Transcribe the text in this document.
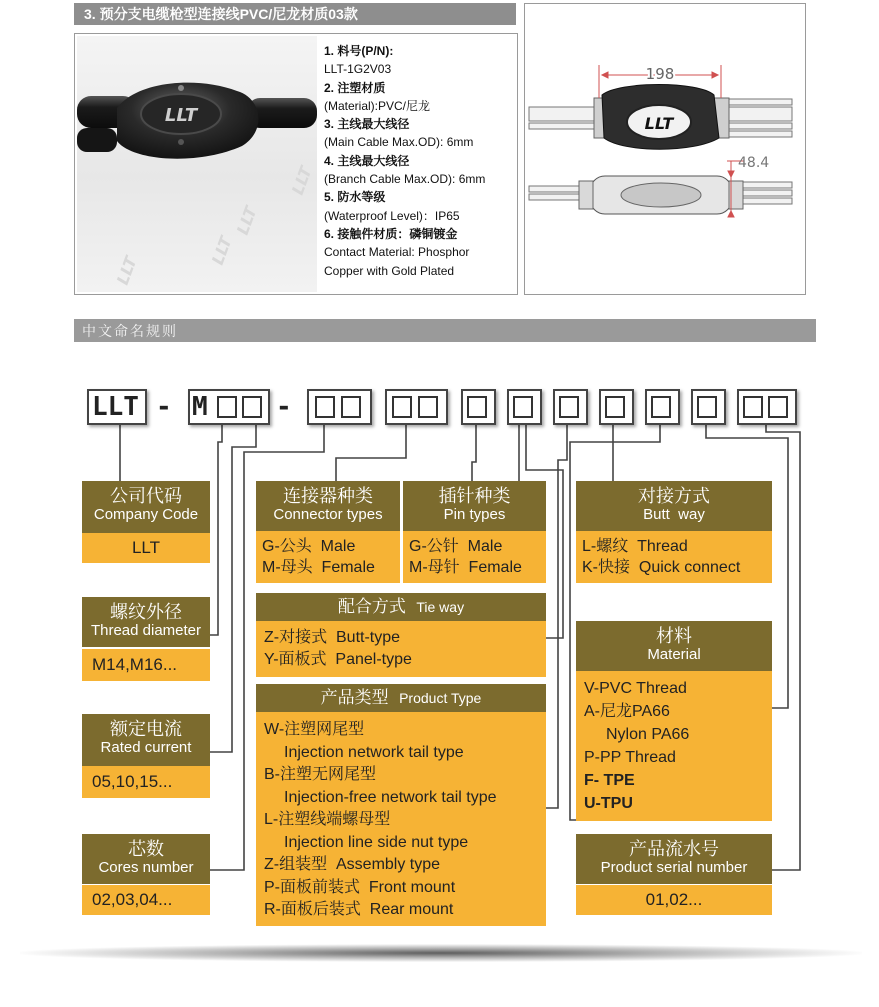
3. 预分支电缆枪型连接线PVC/尼龙材质03款
LLT
LLT
LLT
LLT
LLT
1. 料号(P/N):
LLT-1G2V03
2. 注塑材质
(Material):PVC/尼龙
3. 主线最大线径
(Main Cable Max.OD): 6mm
4. 主线最大线径
(Branch Cable Max.OD): 6mm
5. 防水等级
(Waterproof Level)：IP65
6. 接触件材质：磷铜镀金
Contact Material: Phosphor
Copper with Gold Plated
LLT
198
48.4
中文命名规则
LLT - M	-
公司代码
Company Code
LLT
螺纹外径
Thread diameter
M14,M16...
额定电流
Rated current
05,10,15...
芯数
Cores number
02,03,04...
连接器种类
Connector types
G-公头  Male
M-母头  Female
插针种类
Pin types
G-公针  Male
M-母针  Female
对接方式
Butt  way
L-螺纹  Thread
K-快接  Quick connect
配合方式 Tie way
Z-对接式  Butt-type
Y-面板式  Panel-type
产品类型 Product Type
W-注塑网尾型
Injection network tail type
B-注塑无网尾型
Injection-free network tail type
L-注塑线端螺母型
Injection line side nut type
Z-组装型  Assembly type
P-面板前装式  Front mount
R-面板后装式  Rear mount
材料
Material
V-PVC Thread
A-尼龙PA66
Nylon PA66
P-PP Thread
F- TPE
U-TPU
产品流水号
Product serial number
01,02...
